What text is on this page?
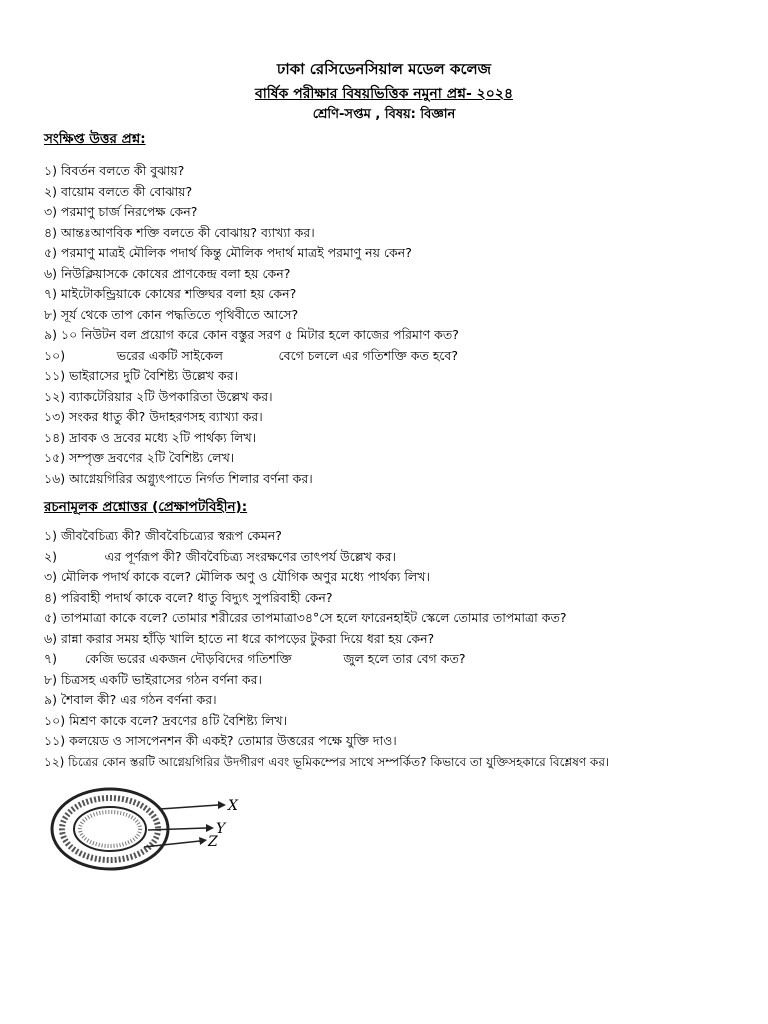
ঢাকা রেসিডেনসিয়াল মডেল কলেজ
বার্ষিক পরীক্ষার বিষয়ভিত্তিক নমুনা প্রশ্ন- ২০২৪
শ্রেণি-সপ্তম , বিষয়: বিজ্ঞান
সংক্ষিপ্ত উত্তর প্রশ্ন:
১) বিবর্তন বলতে কী বুঝায়?
২) বায়োম বলতে কী বোঝায়?
৩) পরমাণু চার্জ নিরপেক্ষ কেন?
৪) আন্তঃআণবিক শক্তি বলতে কী বোঝায়? ব্যাখ্যা কর।
৫) পরমাণু মাত্রই মৌলিক পদার্থ কিন্তু মৌলিক পদার্থ মাত্রই পরমাণু নয় কেন?
৬) নিউক্লিয়াসকে কোষের প্রাণকেন্দ্র বলা হয় কেন?
৭) মাইটোকন্ড্রিয়াকে কোষের শক্তিঘর বলা হয় কেন?
৮) সূর্য থেকে তাপ কোন পদ্ধতিতে পৃথিবীতে আসে?
৯) ১০ নিউটন বল প্রয়োগ করে কোন বস্তুর সরণ ৫ মিটার হলে কাজের পরিমাণ কত?
১০)             ভরের একটি সাইকেল              বেগে চললে এর গতিশক্তি কত হবে?
১১) ভাইরাসের দুটি বৈশিষ্ট্য উল্লেখ কর।
১২) ব্যাকটেরিয়ার ২টি উপকারিতা উল্লেখ কর।
১৩) সংকর ধাতু কী? উদাহরণসহ ব্যাখ্যা কর।
১৪) দ্রাবক ও দ্রবের মধ্যে ২টি পার্থক্য লিখ।
১৫) সম্পৃক্ত দ্রবণের ২টি বৈশিষ্ট্য লেখ।
১৬) আগ্নেয়গিরির অগ্ন্যুৎপাতে নির্গত শিলার বর্ণনা কর।
রচনামূলক প্রশ্নোত্তর (প্রেক্ষাপটবিহীন):
১) জীববৈচিত্র্য কী? জীববৈচিত্র্যের স্বরূপ কেমন?
২)            এর পূর্ণরূপ কী? জীববৈচিত্র্য সংরক্ষণের তাৎপর্য উল্লেখ কর।
৩) মৌলিক পদার্থ কাকে বলে? মৌলিক অণু ও যৌগিক অণুর মধ্যে পার্থক্য লিখ।
৪) পরিবাহী পদার্থ কাকে বলে? ধাতু বিদ্যুৎ সুপরিবাহী কেন?
৫) তাপমাত্রা কাকে বলে? তোমার শরীরের তাপমাত্রা৩৪°সে হলে ফারেনহাইট স্কেলে তোমার তাপমাত্রা কত?
৬) রান্না করার সময় হাঁড়ি খালি হাতে না ধরে কাপড়ের টুকরা দিয়ে ধরা হয় কেন?
৭)       কেজি ভরের একজন দৌড়বিদের গতিশক্তি             জুল হলে তার বেগ কত?
৮) চিত্রসহ একটি ভাইরাসের গঠন বর্ণনা কর।
৯) শৈবাল কী? এর গঠন বর্ণনা কর।
১০) মিশ্রণ কাকে বলে? দ্রবণের ৪টি বৈশিষ্ট্য লিখ।
১১) কলয়েড ও সাসপেনশন কী একই? তোমার উত্তরের পক্ষে যুক্তি দাও।
১২) চিত্রের কোন স্তরটি আগ্নেয়গিরির উদগীরণ এবং ভূমিকম্পের সাথে সম্পর্কিত? কিভাবে তা যুক্তিসহকারে বিশ্লেষণ কর।
X
Y
Z
